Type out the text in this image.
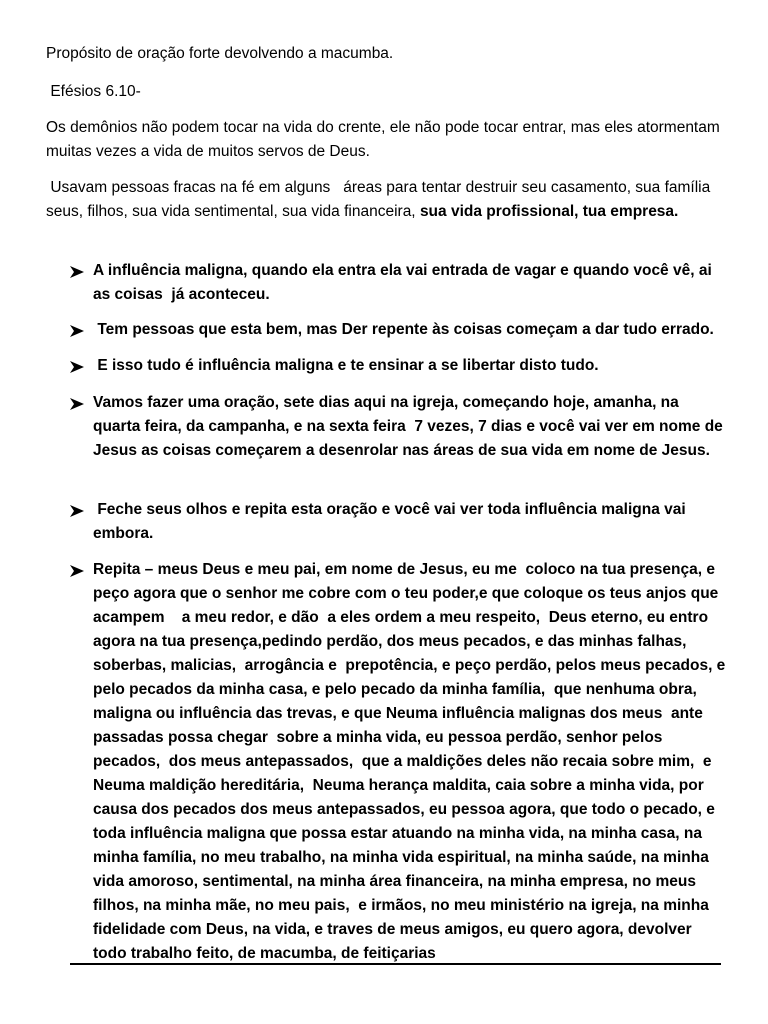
Propósito de oração forte devolvendo a macumba.

Efésios 6.10-

Os demônios não podem tocar na vida do crente, ele não pode tocar entrar, mas eles atormentam muitas vezes a vida de muitos servos de Deus.

Usavam pessoas fracas na fé em alguns   áreas para tentar destruir seu casamento, sua família seus, filhos, sua vida sentimental, sua vida financeira, sua vida profissional, tua empresa.

A influência maligna, quando ela entra ela vai entrada de vagar e quando você vê, ai as coisas  já aconteceu.
Tem pessoas que esta bem, mas Der repente às coisas começam a dar tudo errado.
E isso tudo é influência maligna e te ensinar a se libertar disto tudo.
Vamos fazer uma oração, sete dias aqui na igreja, começando hoje, amanha, na quarta feira, da campanha, e na sexta feira  7 vezes, 7 dias e você vai ver em nome de Jesus as coisas começarem a desenrolar nas áreas de sua vida em nome de Jesus.
Feche seus olhos e repita esta oração e você vai ver toda influência maligna vai embora.
Repita – meus Deus e meu pai, em nome de Jesus, eu me  coloco na tua presença, e peço agora que o senhor me cobre com o teu poder,e que coloque os teus anjos que acampem    a meu redor, e dão  a eles ordem a meu respeito,  Deus eterno, eu entro     agora na tua presença,pedindo perdão, dos meus pecados, e das minhas falhas, soberbas, malicias,  arrogância e  prepotência, e peço perdão, pelos meus pecados, e pelo pecados da minha casa, e pelo pecado da minha família,  que nenhuma obra, maligna ou influência das trevas, e que Neuma influência malignas dos meus  ante passadas possa chegar  sobre a minha vida, eu pessoa perdão, senhor pelos pecados,  dos meus antepassados,  que a maldições deles não recaia sobre mim,  e Neuma maldição hereditária,  Neuma herança maldita, caia sobre a minha vida, por causa dos pecados dos meus antepassados, eu pessoa agora, que todo o pecado, e toda influência maligna que possa estar atuando na minha vida, na minha casa, na minha família, no meu trabalho, na minha vida espiritual, na minha saúde, na minha vida amoroso, sentimental, na minha área financeira, na minha empresa, no meus filhos, na minha mãe, no meu pais,  e irmãos, no meu ministério na igreja, na minha fidelidade com Deus, na vida, e traves de meus amigos, eu quero agora, devolver todo trabalho feito, de macumba, de feitiçarias
